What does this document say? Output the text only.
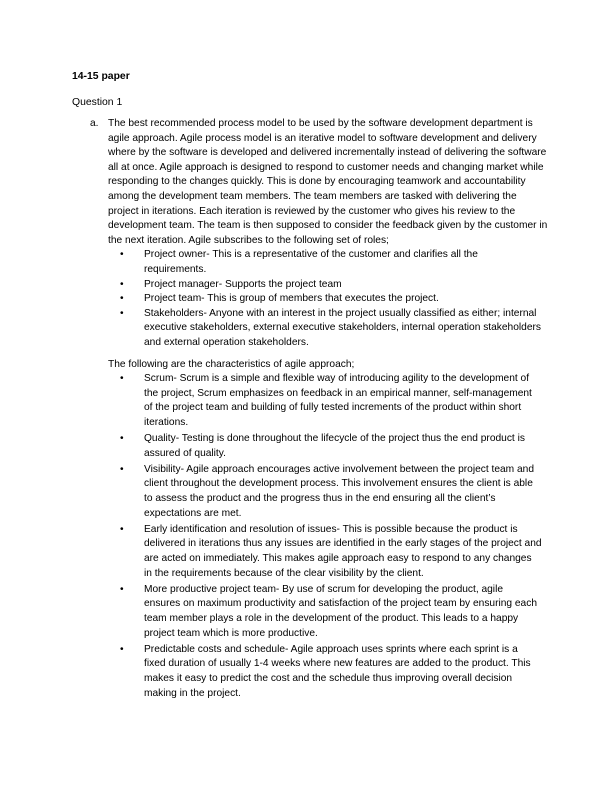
14-15 paper
Question 1
a. The best recommended process model to be used by the software development department is agile approach. Agile process model is an iterative model to software development and delivery where by the software is developed and delivered incrementally instead of delivering the software all at once. Agile approach is designed to respond to customer needs and changing market while responding to the changes quickly. This is done by encouraging teamwork and accountability among the development team members. The team members are tasked with delivering the project in iterations. Each iteration is reviewed by the customer who gives his review to the development team. The team is then supposed to consider the feedback given by the customer in the next iteration. Agile subscribes to the following set of roles;
• Project owner- This is a representative of the customer and clarifies all the requirements.
• Project manager- Supports the project team
• Project team- This is group of members that executes the project.
• Stakeholders- Anyone with an interest in the project usually classified as either; internal executive stakeholders, external executive stakeholders, internal operation stakeholders and external operation stakeholders.
The following are the characteristics of agile approach;
• Scrum- Scrum is a simple and flexible way of introducing agility to the development of the project, Scrum emphasizes on feedback in an empirical manner, self-management of the project team and building of fully tested increments of the product within short iterations.
• Quality- Testing is done throughout the lifecycle of the project thus the end product is assured of quality.
• Visibility- Agile approach encourages active involvement between the project team and client throughout the development process. This involvement ensures the client is able to assess the product and the progress thus in the end ensuring all the client’s expectations are met.
• Early identification and resolution of issues- This is possible because the product is delivered in iterations thus any issues are identified in the early stages of the project and are acted on immediately. This makes agile approach easy to respond to any changes in the requirements because of the clear visibility by the client.
• More productive project team- By use of scrum for developing the product, agile ensures on maximum productivity and satisfaction of the project team by ensuring each team member plays a role in the development of the product. This leads to a happy project team which is more productive.
• Predictable costs and schedule- Agile approach uses sprints where each sprint is a fixed duration of usually 1-4 weeks where new features are added to the product. This makes it easy to predict the cost and the schedule thus improving overall decision making in the project.
